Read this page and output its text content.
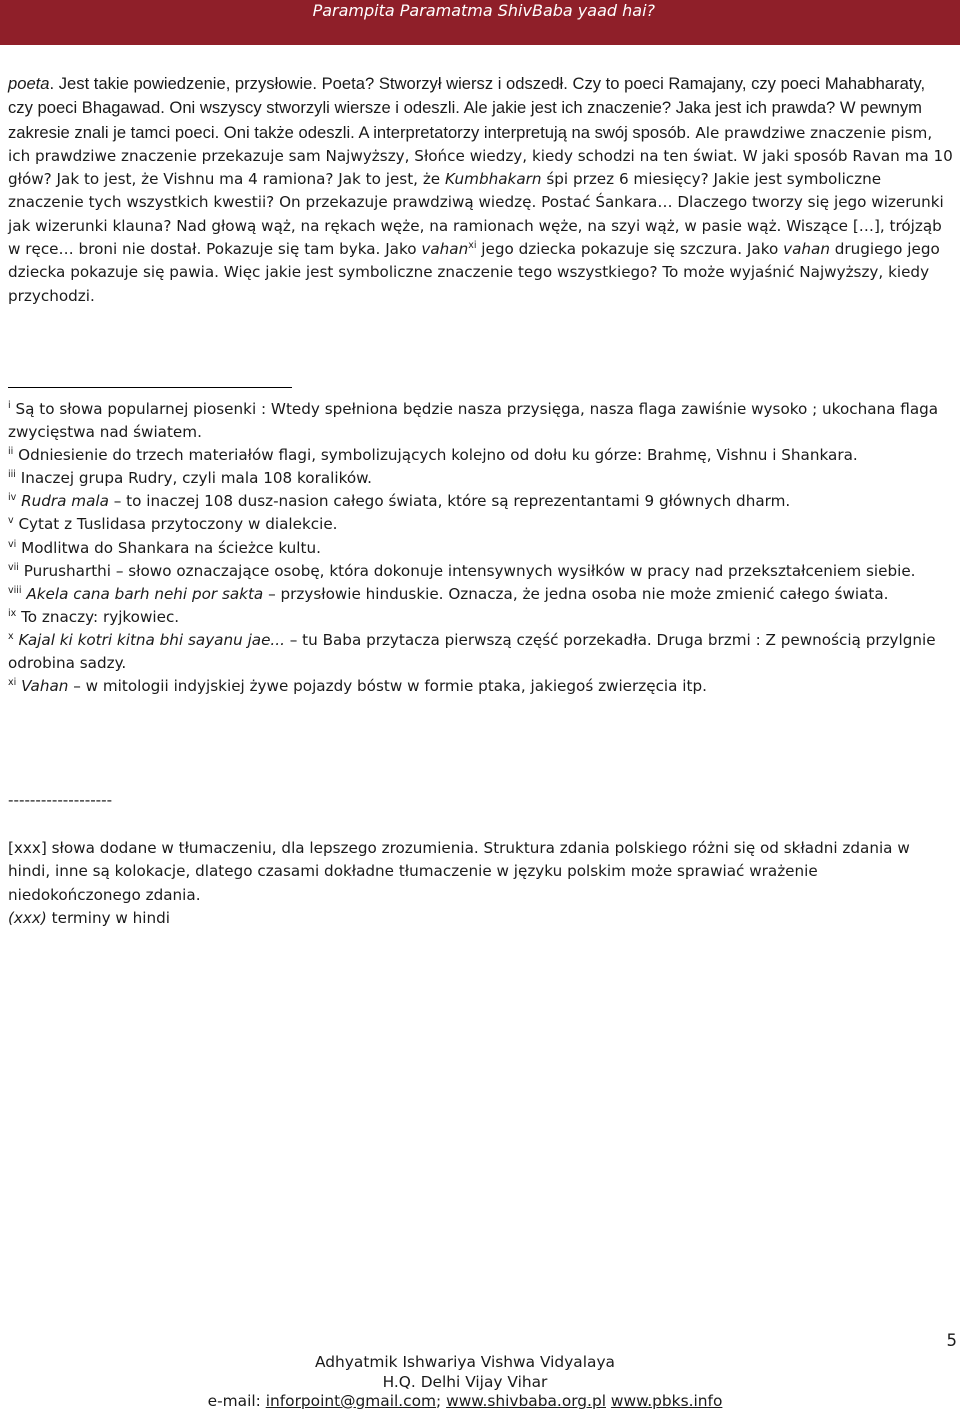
Parampita Paramatma ShivBaba yaad hai?

poeta. Jest takie powiedzenie, przysłowie. Poeta? Stworzył wiersz i odszedł. Czy to poeci Ramajany, czy poeci Mahabharaty, czy poeci Bhagawad. Oni wszyscy stworzyli wiersze i odeszli. Ale jakie jest ich znaczenie? Jaka jest ich prawda? W pewnym zakresie znali je tamci poeci. Oni także odeszli. A interpretatorzy interpretują na swój sposób. Ale prawdziwe znaczenie pism, ich prawdziwe znaczenie przekazuje sam Najwyższy, Słońce wiedzy, kiedy schodzi na ten świat. W jaki sposób Ravan ma 10 głów? Jak to jest, że Vishnu ma 4 ramiona? Jak to jest, że Kumbhakarn śpi przez 6 miesięcy? Jakie jest symboliczne znaczenie tych wszystkich kwestii? On przekazuje prawdziwą wiedzę. Postać Śankara… Dlaczego tworzy się jego wizerunki jak wizerunki klauna? Nad głową wąż, na rękach węże, na ramionach węże, na szyi wąż, w pasie wąż. Wiszące […], trójząb w ręce… broni nie dostał. Pokazuje się tam byka. Jako vahan$^{xi}$ jego dziecka pokazuje się szczura. Jako vahan drugiego jego dziecka pokazuje się pawia. Więc jakie jest symboliczne znaczenie tego wszystkiego? To może wyjaśnić Najwyższy, kiedy przychodzi.

$^i$ Są to słowa popularnej piosenki : Wtedy spełniona będzie nasza przysięga, nasza flaga zawiśnie wysoko ; ukochana flaga zwycięstwa nad światem.

$^{ii}$ Odniesienie do trzech materiałów flagi, symbolizujących kolejno od dołu ku górze: Brahmę, Vishnu i Shankara.

$^{iii}$ Inaczej grupa Rudry, czyli mala 108 koralików.

$^{iv}$ Rudra mala – to inaczej 108 dusz-nasion całego świata, które są reprezentantami 9 głównych dharm.

$^v$ Cytat z Tuslidasa przytoczony w dialekcie.

$^{vi}$ Modlitwa do Shankara na ścieżce kultu.

$^{vii}$ Purusharthi – słowo oznaczające osobę, która dokonuje intensywnych wysiłków w pracy nad przekształceniem siebie.

$^{viii}$ Akela cana barh nehi por sakta – przysłowie hinduskie. Oznacza, że jedna osoba nie może zmienić całego świata.

$^{ix}$ To znaczy: ryjkowiec.

$^x$ Kajal ki kotri kitna bhi sayanu jae... – tu Baba przytacza pierwszą część porzekadła. Druga brzmi : Z pewnością przylgnie odrobina sadzy.

$^{xi}$ Vahan – w mitologii indyjskiej żywe pojazdy bóstw w formie ptaka, jakiegoś zwierzęcia itp.

-------------------

[xxx] słowa dodane w tłumaczeniu, dla lepszego zrozumienia. Struktura zdania polskiego różni się od składni zdania w hindi, inne są kolokacje, dlatego czasami dokładne tłumaczenie w języku polskim może sprawiać wrażenie niedokończonego zdania.

(xxx) terminy w hindi

5

Adhyatmik Ishwariya Vishwa Vidyalaya

H.Q. Delhi Vijay Vihar

e-mail: inforpoint@gmail.com; www.shivbaba.org.pl www.pbks.info
